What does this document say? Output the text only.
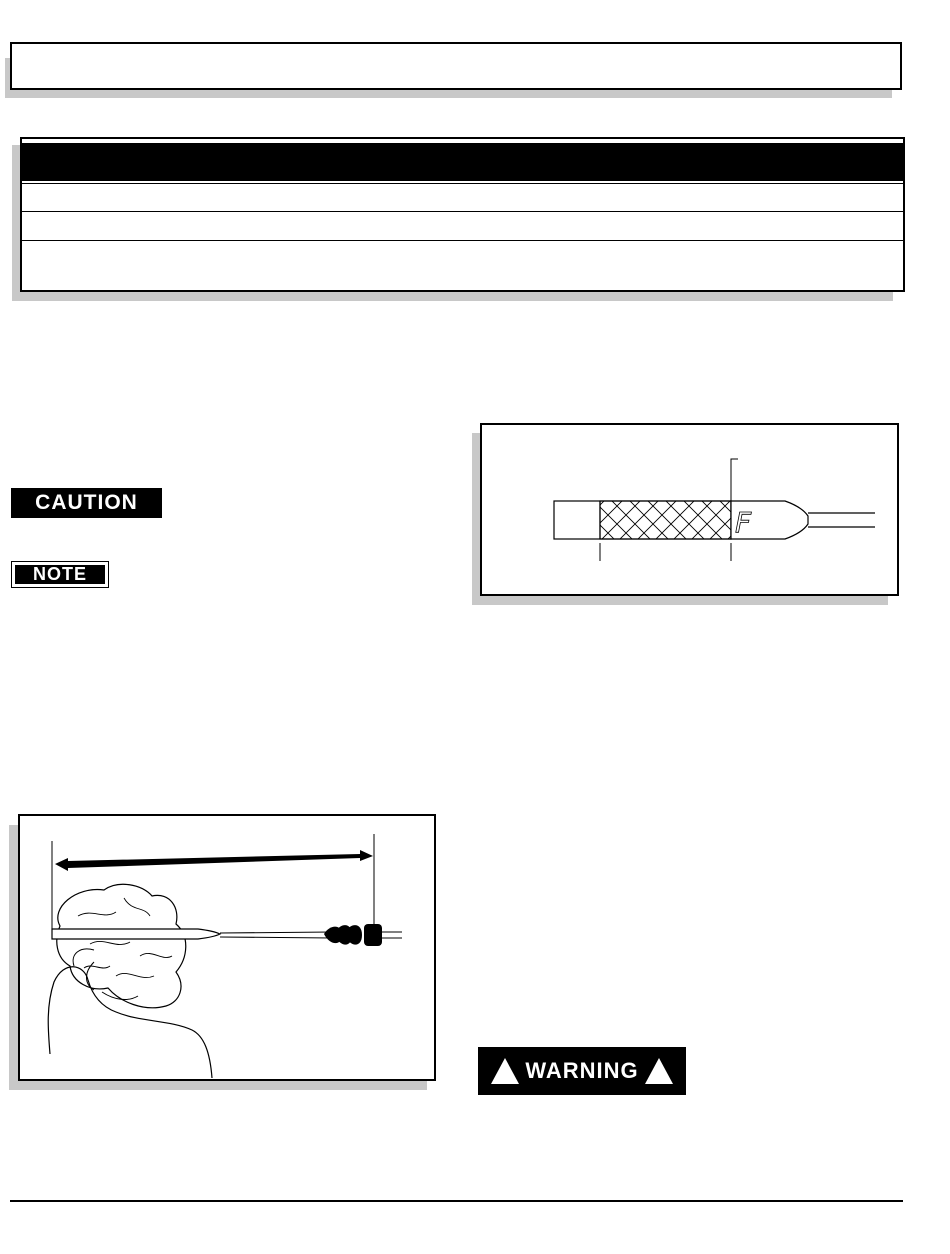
CAUTION
NOTE
F
WARNING
